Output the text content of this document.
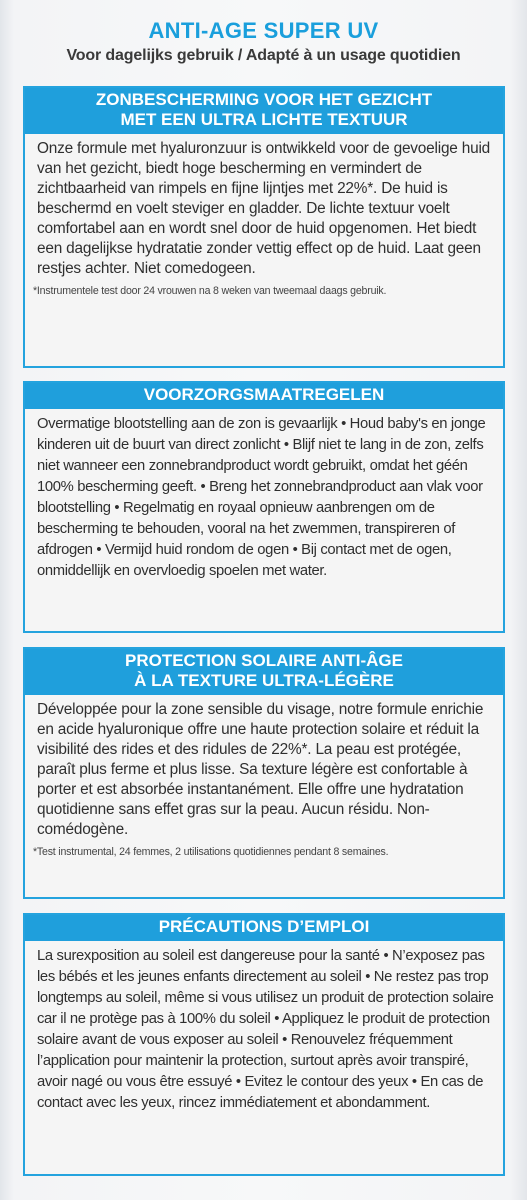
ANTI-AGE SUPER UV
Voor dagelijks gebruik / Adapté à un usage quotidien
ZONBESCHERMING VOOR HET GEZICHT
MET EEN ULTRA LICHTE TEXTUUR
Onze formule met hyaluronzuur is ontwikkeld voor de gevoelige huid van het gezicht, biedt hoge bescherming en vermindert de zichtbaarheid van rimpels en fijne lijntjes met 22%*. De huid is beschermd en voelt steviger en gladder. De lichte textuur voelt comfortabel aan en wordt snel door de huid opgenomen. Het biedt een dagelijkse hydratatie zonder vettig effect op de huid. Laat geen restjes achter. Niet comedogeen.
*Instrumentele test door 24 vrouwen na 8 weken van tweemaal daags gebruik.
VOORZORGSMAATREGELEN
Overmatige blootstelling aan de zon is gevaarlijk • Houd baby's en jonge kinderen uit de buurt van direct zonlicht • Blijf niet te lang in de zon, zelfs niet wanneer een zonnebrandproduct wordt gebruikt, omdat het géén 100% bescherming geeft. • Breng het zonnebrandproduct aan vlak voor blootstelling • Regelmatig en royaal opnieuw aanbrengen om de bescherming te behouden, vooral na het zwemmen, transpireren of afdrogen • Vermijd huid rondom de ogen • Bij contact met de ogen, onmiddellijk en overvloedig spoelen met water.
PROTECTION SOLAIRE ANTI-ÂGE
À LA TEXTURE ULTRA-LÉGÈRE
Développée pour la zone sensible du visage, notre formule enrichie en acide hyaluronique offre une haute protection solaire et réduit la visibilité des rides et des ridules de 22%*. La peau est protégée, paraît plus ferme et plus lisse. Sa texture légère est confortable à porter et est absorbée instantanément. Elle offre une hydratation quotidienne sans effet gras sur la peau. Aucun résidu. Non-comédogène.
*Test instrumental, 24 femmes, 2 utilisations quotidiennes pendant 8 semaines.
PRÉCAUTIONS D’EMPLOI
La surexposition au soleil est dangereuse pour la santé • N’exposez pas les bébés et les jeunes enfants directement au soleil • Ne restez pas trop longtemps au soleil, même si vous utilisez un produit de protection solaire car il ne protège pas à 100% du soleil • Appliquez le produit de protection solaire avant de vous exposer au soleil • Renouvelez fréquemment l’application pour maintenir la protection, surtout après avoir transpiré, avoir nagé ou vous être essuyé • Evitez le contour des yeux • En cas de contact avec les yeux, rincez immédiatement et abondamment.
